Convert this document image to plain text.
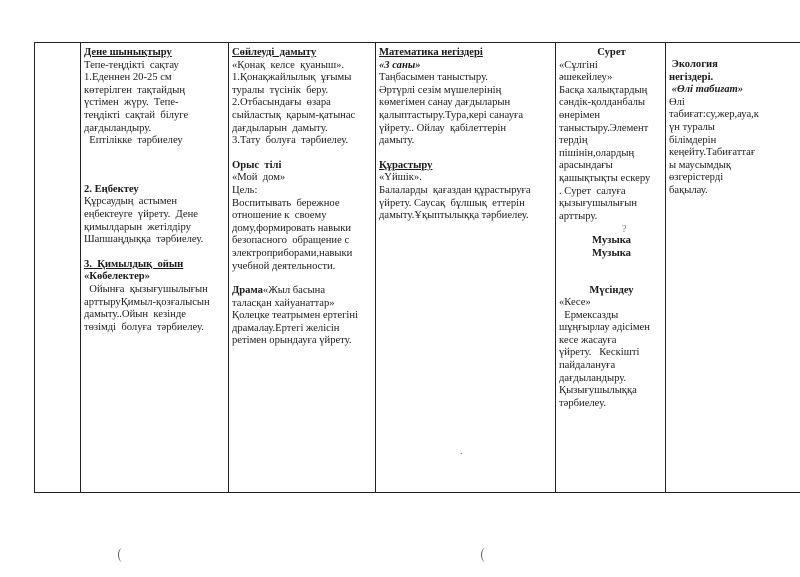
Дене шынықтыру

Тепе-теңдікті  сақтау

1.Еденнен 20-25 см

көтерілген  тақтайдың

үстімен  жүру.  Тепе-

теңдікті  сақтай  білуге

дағдыландыру.

Ептілікке  тәрбиелеу

2. Еңбектеу

Құрсаудың  астымен

еңбектеуге  үйрету.  Дене

қимылдарын  жетілдіру

Шапшаңдыққа  тәрбиелеу.

3.  Қимылдық  ойын

«Көбелектер»

Ойынға  қызығушылығын

арттыруҚимыл-қозғалысын

дамыту..Ойын  кезінде

төзімді  болуға  тәрбиелеу.

Сөйлеуді  дамыту

«Қонақ  келсе  қуаныш».

1.Қонақжайлылық  ұғымы

туралы  түсінік  беру.

2.Отбасындағы  өзара

сыйластық  қарым-қатынас

дағдыларын  дамыту.

3.Тату  болуға  тәрбиелеу.

Орыс  тілі

«Мой  дом»

Цель:

Воспитывать  бережное

отношение к  своему

дому,формировать навыки

безопасного  обращение с

электроприборами,навыки

учебной деятельности.

Драма«Жыл басына

таласқан хайуанаттар»

Қолецке театрымен ертегіні

драмалау.Ертегі желісін

ретімен орындауға үйрету.

Математика негіздері

«3 саны»

Таңбасымен таныстыру.

Әртүрлі сезім мүшелерінің

көмегімен санау дағдыларын

қалыптастыру.Тура,кері санауға

үйрету.. Ойлау  қабілеттерін

дамыту.

Құрастыру

«Үйшік».

Балаларды  қағаздан құрастыруға

үйрету. Саусақ  бұлшық  еттерін

дамыту.Ұқыптылыққа тәрбиелеу.

Сурет

«Сұлгіні

әшекейлеу»

Басқа халықтардың

сәндік-қолданбалы

өнерімен

таныстыру.Элемент

тердің

пішінін,олардың

арасындағы

қашықтықты ескеру

. Сурет  салуға

қызығушылығын

арттыру.

Музыка

Музыка

Мүсіндеу

«Кесе»

Ермексазды

шұңғырлау әдісімен

кесе жасауға

үйрету.   Кескішті

пайдалануға

дағдыландыру.

Қызығушылыққа

тәрбиелеу.

Экология

негіздері.

«Өлі табиғат»

Өлі

табиғат:су,жер,ауа,к

үн туралы

білімдерін

кеңейту.Табиғаттағ

ы маусымдық

өзгерістерді

бақылау.

?
.
